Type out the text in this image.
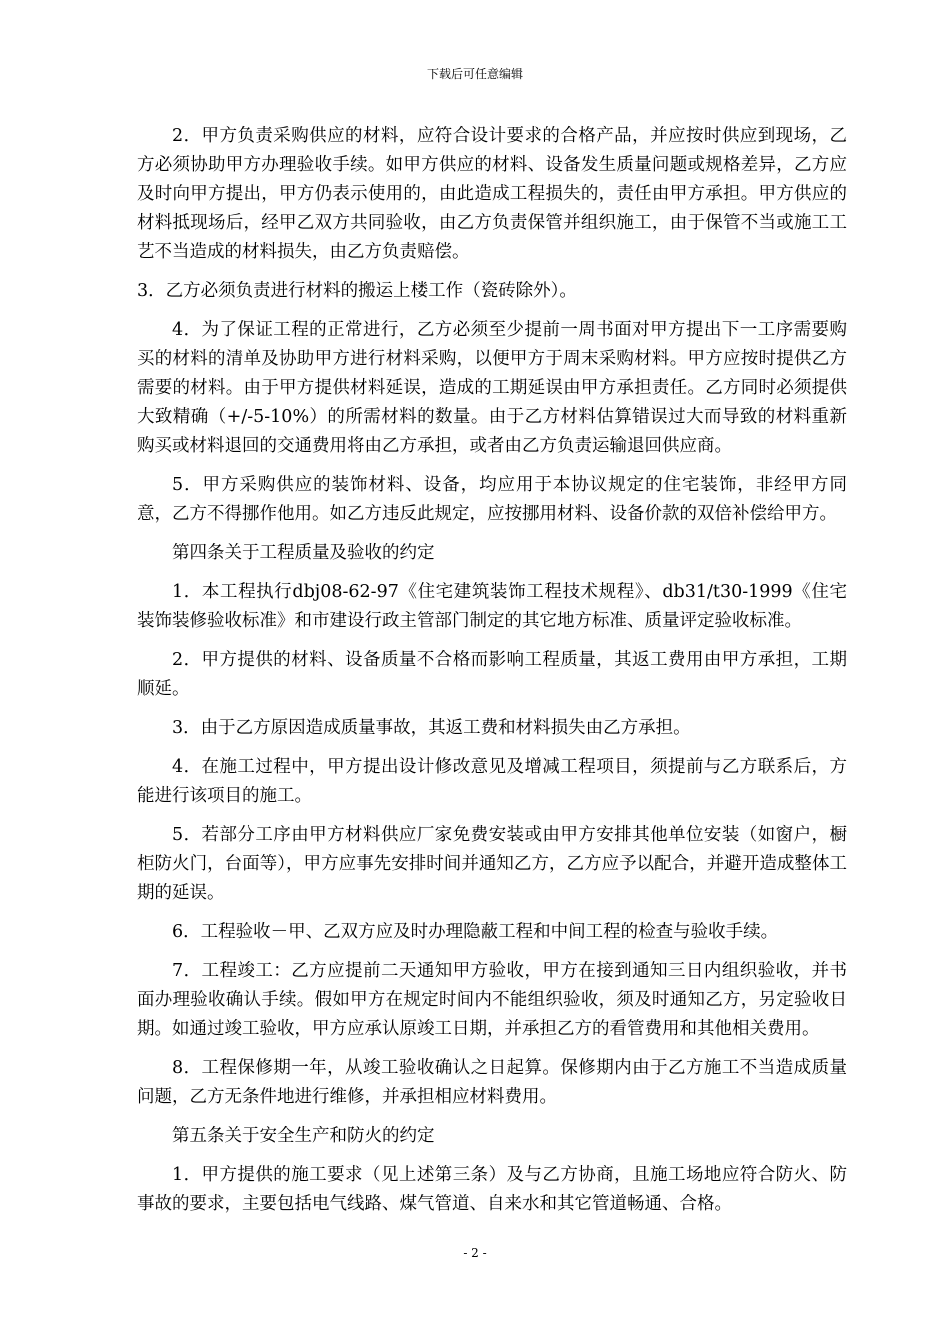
下载后可任意编辑

2．甲方负责采购供应的材料，应符合设计要求的合格产品，并应按时供应到现场，乙方必须协助甲方办理验收手续。如甲方供应的材料、设备发生质量问题或规格差异，乙方应及时向甲方提出，甲方仍表示使用的，由此造成工程损失的，责任由甲方承担。甲方供应的材料抵现场后，经甲乙双方共同验收，由乙方负责保管并组织施工，由于保管不当或施工工艺不当造成的材料损失，由乙方负责赔偿。

3．乙方必须负责进行材料的搬运上楼工作（瓷砖除外）。

4．为了保证工程的正常进行，乙方必须至少提前一周书面对甲方提出下一工序需要购买的材料的清单及协助甲方进行材料采购，以便甲方于周末采购材料。甲方应按时提供乙方需要的材料。由于甲方提供材料延误，造成的工期延误由甲方承担责任。乙方同时必须提供大致精确（+/-5-10%）的所需材料的数量。由于乙方材料估算错误过大而导致的材料重新购买或材料退回的交通费用将由乙方承担，或者由乙方负责运输退回供应商。

5．甲方采购供应的装饰材料、设备，均应用于本协议规定的住宅装饰，非经甲方同意，乙方不得挪作他用。如乙方违反此规定，应按挪用材料、设备价款的双倍补偿给甲方。

第四条关于工程质量及验收的约定

1．本工程执行dbj08-62-97《住宅建筑装饰工程技术规程》、db31/t30-1999《住宅装饰装修验收标准》和市建设行政主管部门制定的其它地方标准、质量评定验收标准。

2．甲方提供的材料、设备质量不合格而影响工程质量，其返工费用由甲方承担，工期顺延。

3．由于乙方原因造成质量事故，其返工费和材料损失由乙方承担。

4．在施工过程中，甲方提出设计修改意见及增减工程项目，须提前与乙方联系后，方能进行该项目的施工。

5．若部分工序由甲方材料供应厂家免费安装或由甲方安排其他单位安装（如窗户，橱柜防火门，台面等），甲方应事先安排时间并通知乙方，乙方应予以配合，并避开造成整体工期的延误。

6．工程验收－甲、乙双方应及时办理隐蔽工程和中间工程的检查与验收手续。

7．工程竣工：乙方应提前二天通知甲方验收，甲方在接到通知三日内组织验收，并书面办理验收确认手续。假如甲方在规定时间内不能组织验收，须及时通知乙方，另定验收日期。如通过竣工验收，甲方应承认原竣工日期，并承担乙方的看管费用和其他相关费用。

8．工程保修期一年，从竣工验收确认之日起算。保修期内由于乙方施工不当造成质量问题，乙方无条件地进行维修，并承担相应材料费用。

第五条关于安全生产和防火的约定

1．甲方提供的施工要求（见上述第三条）及与乙方协商，且施工场地应符合防火、防事故的要求，主要包括电气线路、煤气管道、自来水和其它管道畅通、合格。

- 2 -
